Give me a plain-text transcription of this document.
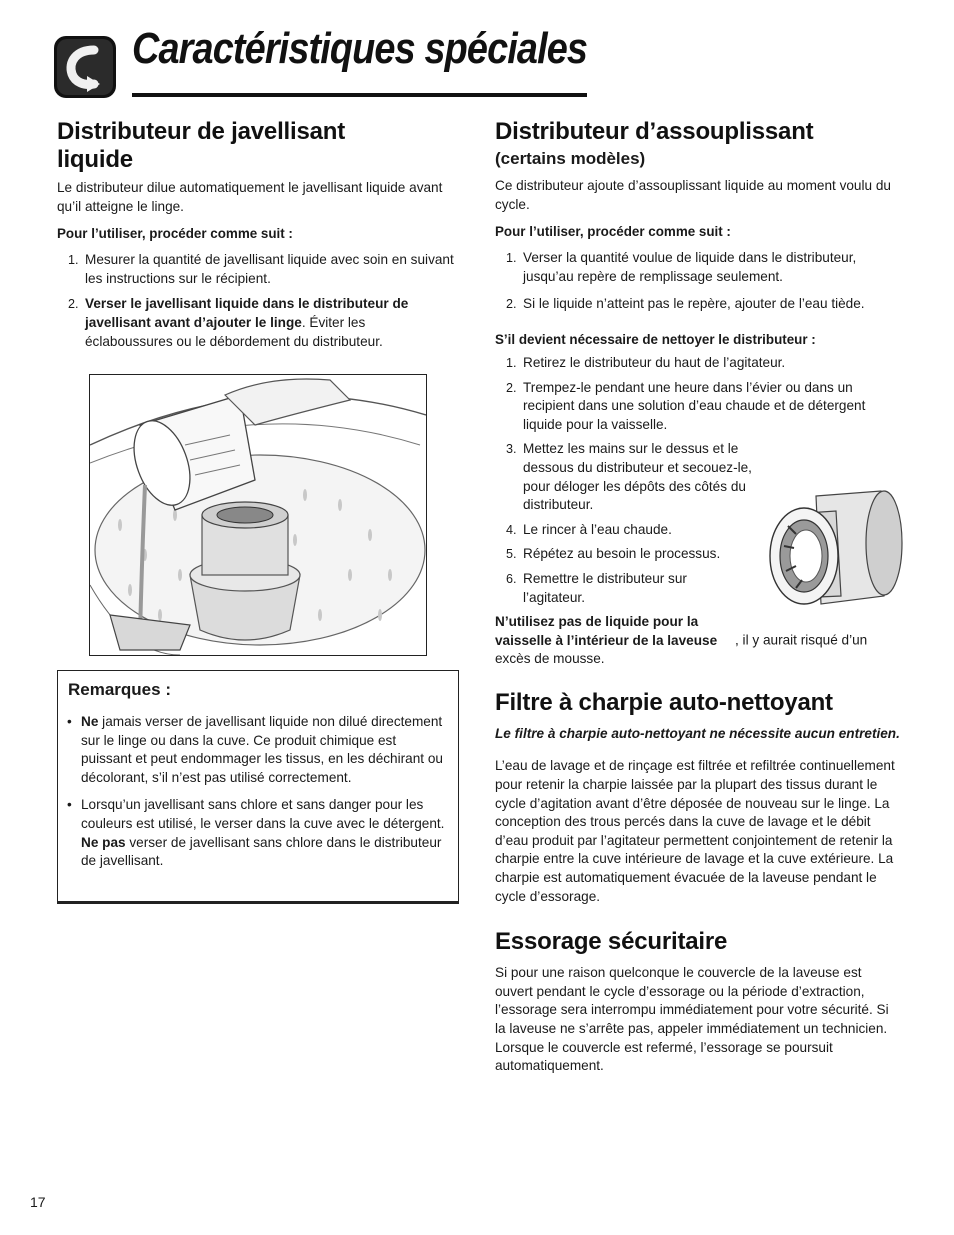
Caractéristiques spéciales
Distributeur de javellisant liquide
Le distributeur dilue automatiquement le javellisant liquide avant qu’il atteigne le linge.
Pour l’utiliser, procéder comme suit :
1. Mesurer la quantité de javellisant liquide avec soin en suivant les instructions sur le récipient.
2. Verser le javellisant liquide dans le distributeur de javellisant avant d’ajouter le linge. Éviter les éclaboussures ou le débordement du distributeur.
Remarques :
• Ne jamais verser de javellisant liquide non dilué directement sur le linge ou dans la cuve. Ce produit chimique est puissant et peut endommager les tissus, en les déchirant ou décolorant, s’il n’est pas utilisé correctement.
• Lorsqu’un javellisant sans chlore et sans danger pour les couleurs est utilisé, le verser dans la cuve avec le détergent. Ne pas verser de javellisant sans chlore dans le distributeur de javellisant.
Distributeur d’assouplissant
(certains modèles)
Ce distributeur ajoute d’assouplissant liquide au moment voulu du cycle.
Pour l’utiliser, procéder comme suit :
1. Verser la quantité voulue de liquide dans le distributeur, jusqu’au repère de remplissage seulement.
2. Si le liquide n’atteint pas le repère, ajouter de l’eau tiède.
S’il devient nécessaire de nettoyer le distributeur :
1. Retirez le distributeur du haut de l’agitateur.
2. Trempez-le pendant une heure dans l’évier ou dans un recipient dans une solution d’eau chaude et de détergent liquide pour la vaisselle.
3. Mettez les mains sur le dessus et le dessous du distributeur et secouez-le, pour déloger les dépôts des côtés du distributeur.
4. Le rincer à l’eau chaude.
5. Répétez au besoin le processus.
6. Remettre le distributeur sur l’agitateur.
N’utilisez pas de liquide pour la vaisselle à l’intérieur de la laveuse , il y aurait risqué d’un excès de mousse.
Filtre à charpie auto-nettoyant
Le filtre à charpie auto-nettoyant ne nécessite aucun entretien.
L’eau de lavage et de rinçage est filtrée et refiltrée continuellement pour retenir la charpie laissée par la plupart des tissus durant le cycle d’agitation avant d’être déposée de nouveau sur le linge. La conception des trous percés dans la cuve de lavage et le débit d’eau produit par l’agitateur permettent conjointement de retenir la charpie entre la cuve intérieure de lavage et la cuve extérieure. La charpie est automatiquement évacuée de la laveuse pendant le cycle d’essorage.
Essorage sécuritaire
Si pour une raison quelconque le couvercle de la laveuse est ouvert pendant le cycle d’essorage ou la période d’extraction, l’essorage sera interrompu immédiatement pour votre sécurité. Si la laveuse ne s’arrête pas, appeler immédiatement un technicien. Lorsque le couvercle est refermé, l’essorage se poursuit automatiquement.
17
